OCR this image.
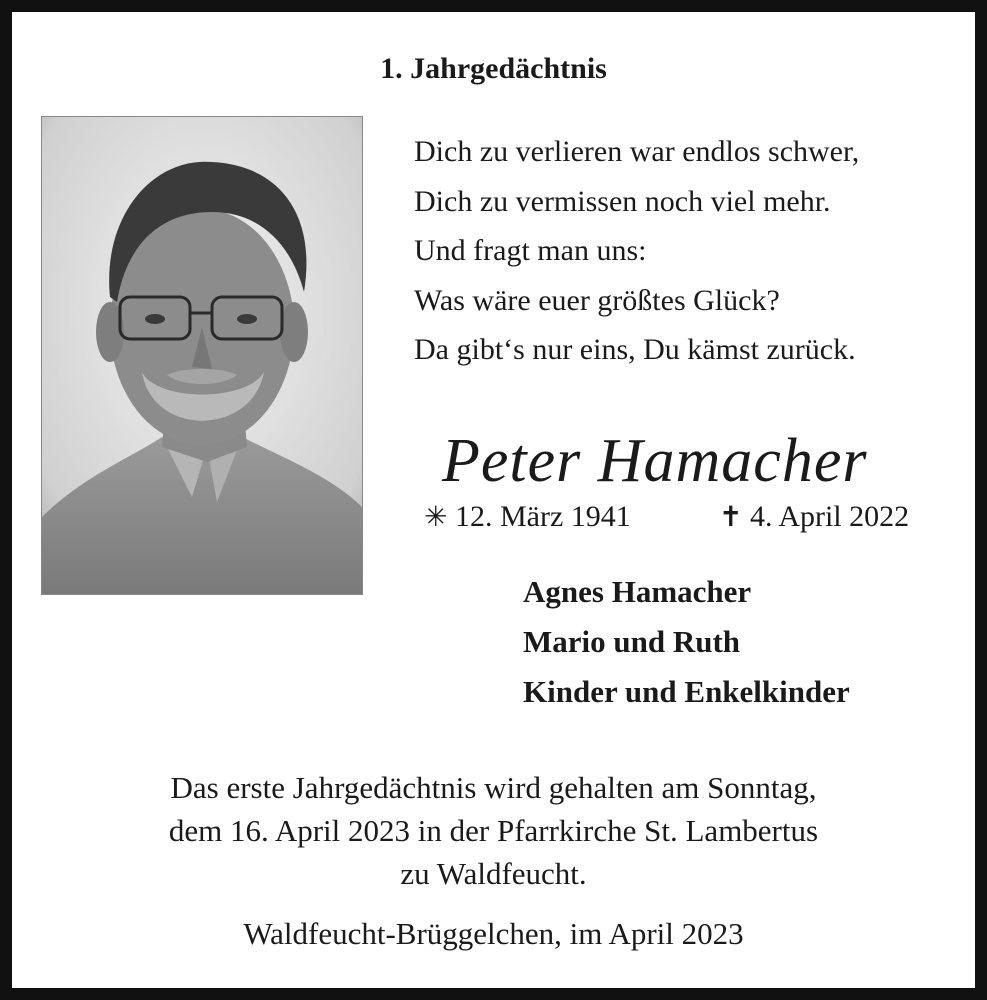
1. Jahrgedächtnis
Dich zu verlieren war endlos schwer,
Dich zu vermissen noch viel mehr.
Und fragt man uns:
Was wäre euer größtes Glück?
Da gibt‘s nur eins, Du kämst zurück.
Peter Hamacher
✳ 12. März 1941	✝ 4. April 2022
Agnes Hamacher
Mario und Ruth
Kinder und Enkelkinder
Das erste Jahrgedächtnis wird gehalten am Sonntag,
dem 16. April 2023 in der Pfarrkirche St. Lambertus
zu Waldfeucht.
Waldfeucht-Brüggelchen, im April 2023
